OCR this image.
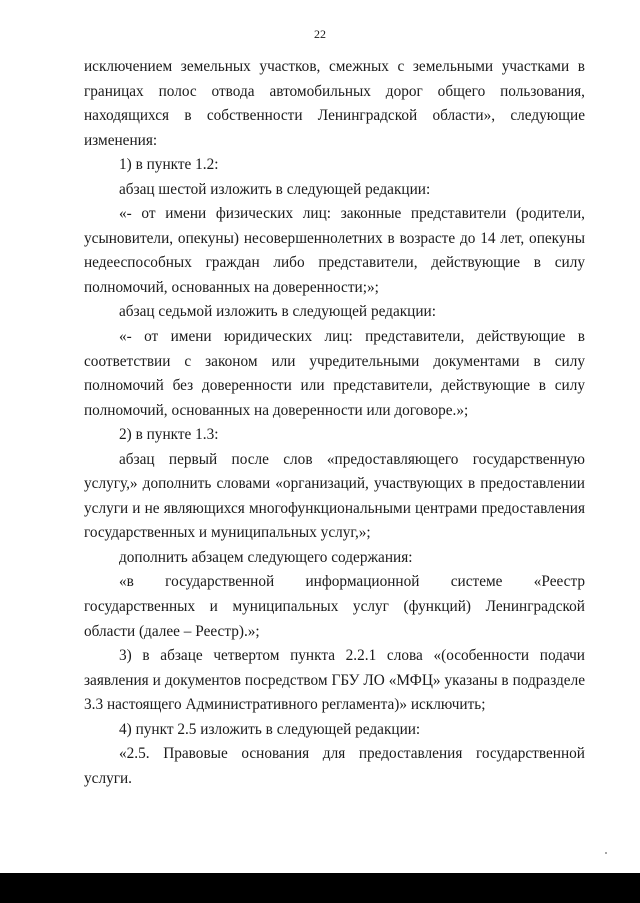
22

исключением земельных участков, смежных с земельными участками в границах полос отвода автомобильных дорог общего пользования, находящихся в собственности Ленинградской области», следующие изменения:

1) в пункте 1.2:

абзац шестой изложить в следующей редакции:

«- от имени физических лиц: законные представители (родители, усыновители, опекуны) несовершеннолетних в возрасте до 14 лет, опекуны недееспособных граждан либо представители, действующие в силу полномочий, основанных на доверенности;»;

абзац седьмой изложить в следующей редакции:

«- от имени юридических лиц: представители, действующие в соответствии с законом или учредительными документами в силу полномочий без доверенности или представители, действующие в силу полномочий, основанных на доверенности или договоре.»;

2) в пункте 1.3:

абзац первый после слов «предоставляющего государственную услугу,» дополнить словами «организаций, участвующих в предоставлении услуги и не являющихся многофункциональными центрами предоставления государственных и муниципальных услуг,»;

дополнить абзацем следующего содержания:

«в государственной информационной системе «Реестр государственных и муниципальных услуг (функций) Ленинградской области (далее – Реестр).»;

3) в абзаце четвертом пункта 2.2.1 слова «(особенности подачи заявления и документов посредством ГБУ ЛО «МФЦ» указаны в подразделе 3.3 настоящего Административного регламента)» исключить;

4) пункт 2.5 изложить в следующей редакции:

«2.5. Правовые основания для предоставления государственной услуги.
